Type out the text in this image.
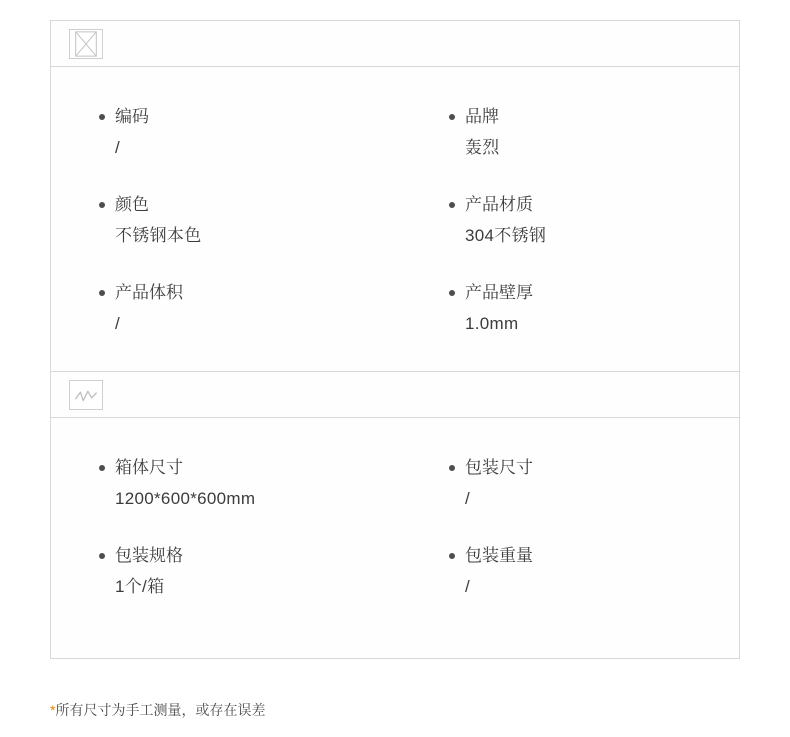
编码
/
品牌
轰烈
颜色
不锈钢本色
产品材质
304不锈钢
产品体积
/
产品壁厚
1.0mm
箱体尺寸
1200*600*600mm
包装尺寸
/
包装规格
1个/箱
包装重量
/
*所有尺寸为手工测量，或存在误差
